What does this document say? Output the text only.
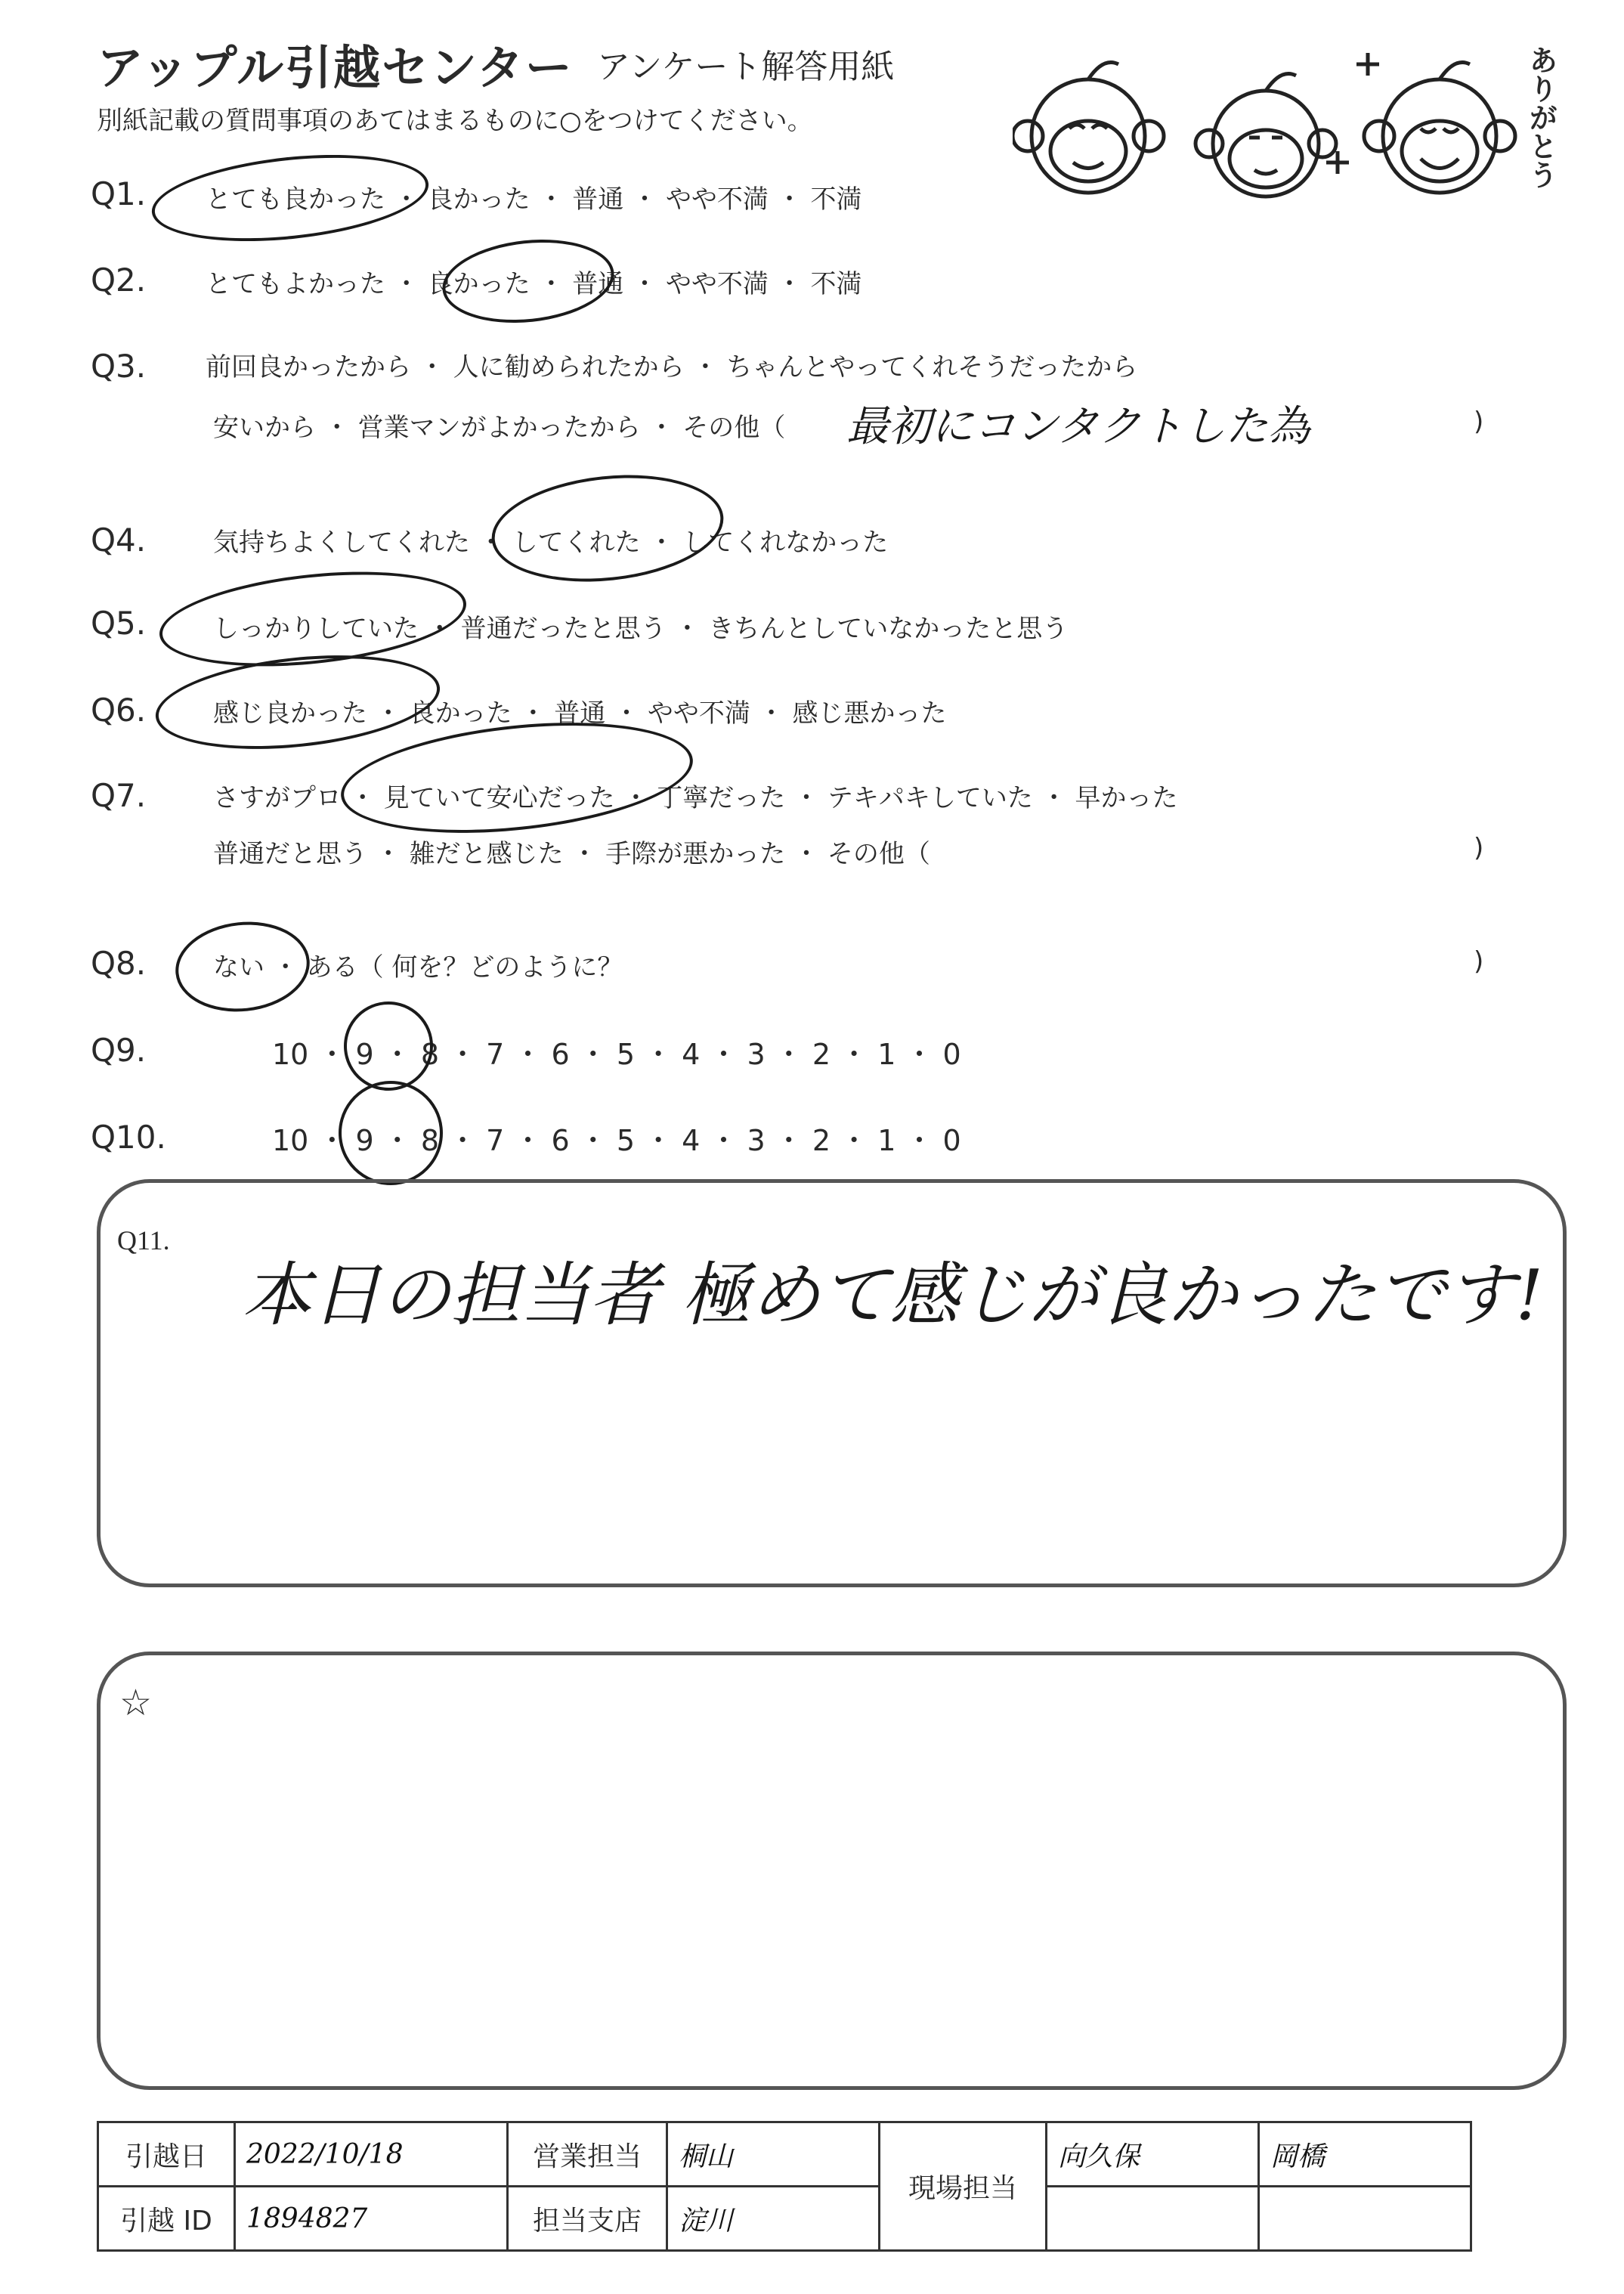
アップル引越センター アンケート解答用紙
別紙記載の質問事項のあてはまるものに○をつけてください。	ありがとう
Q1. とても良かった ・ 良かった ・ 普通 ・ やや不満 ・ 不満
Q2. とてもよかった ・ 良かった ・ 普通 ・ やや不満 ・ 不満
Q3. 前回良かったから ・ 人に勧められたから ・ ちゃんとやってくれそうだったから
安いから ・ 営業マンがよかったから ・ その他（ 最初にコンタクトした為	)
Q4.	気持ちよくしてくれた ・ してくれた ・ してくれなかった
Q5.	しっかりしていた ・ 普通だったと思う ・ きちんとしていなかったと思う
Q6.	感じ良かった ・ 良かった ・ 普通 ・ やや不満 ・ 感じ悪かった
Q7.	さすがプロ ・ 見ていて安心だった ・ 丁寧だった ・ テキパキしていた ・ 早かった
普通だと思う ・ 雑だと感じた ・ 手際が悪かった ・ その他（	)
Q8.	ない ・ ある（ 何を？どのように？	)
Q9.	10 ・ 9 ・ 8 ・ 7 ・ 6 ・ 5 ・ 4 ・ 3 ・ 2 ・ 1 ・ 0
Q10.	10 ・ 9 ・ 8 ・ 7 ・ 6 ・ 5 ・ 4 ・ 3 ・ 2 ・ 1 ・ 0
Q11.
本日の担当者 極めて感じが良かったです!
☆
引越日	2022/10/18	営業担当	桐山	現場担当	向久保	岡橋
引越 ID	1894827	担当支店	淀川			
